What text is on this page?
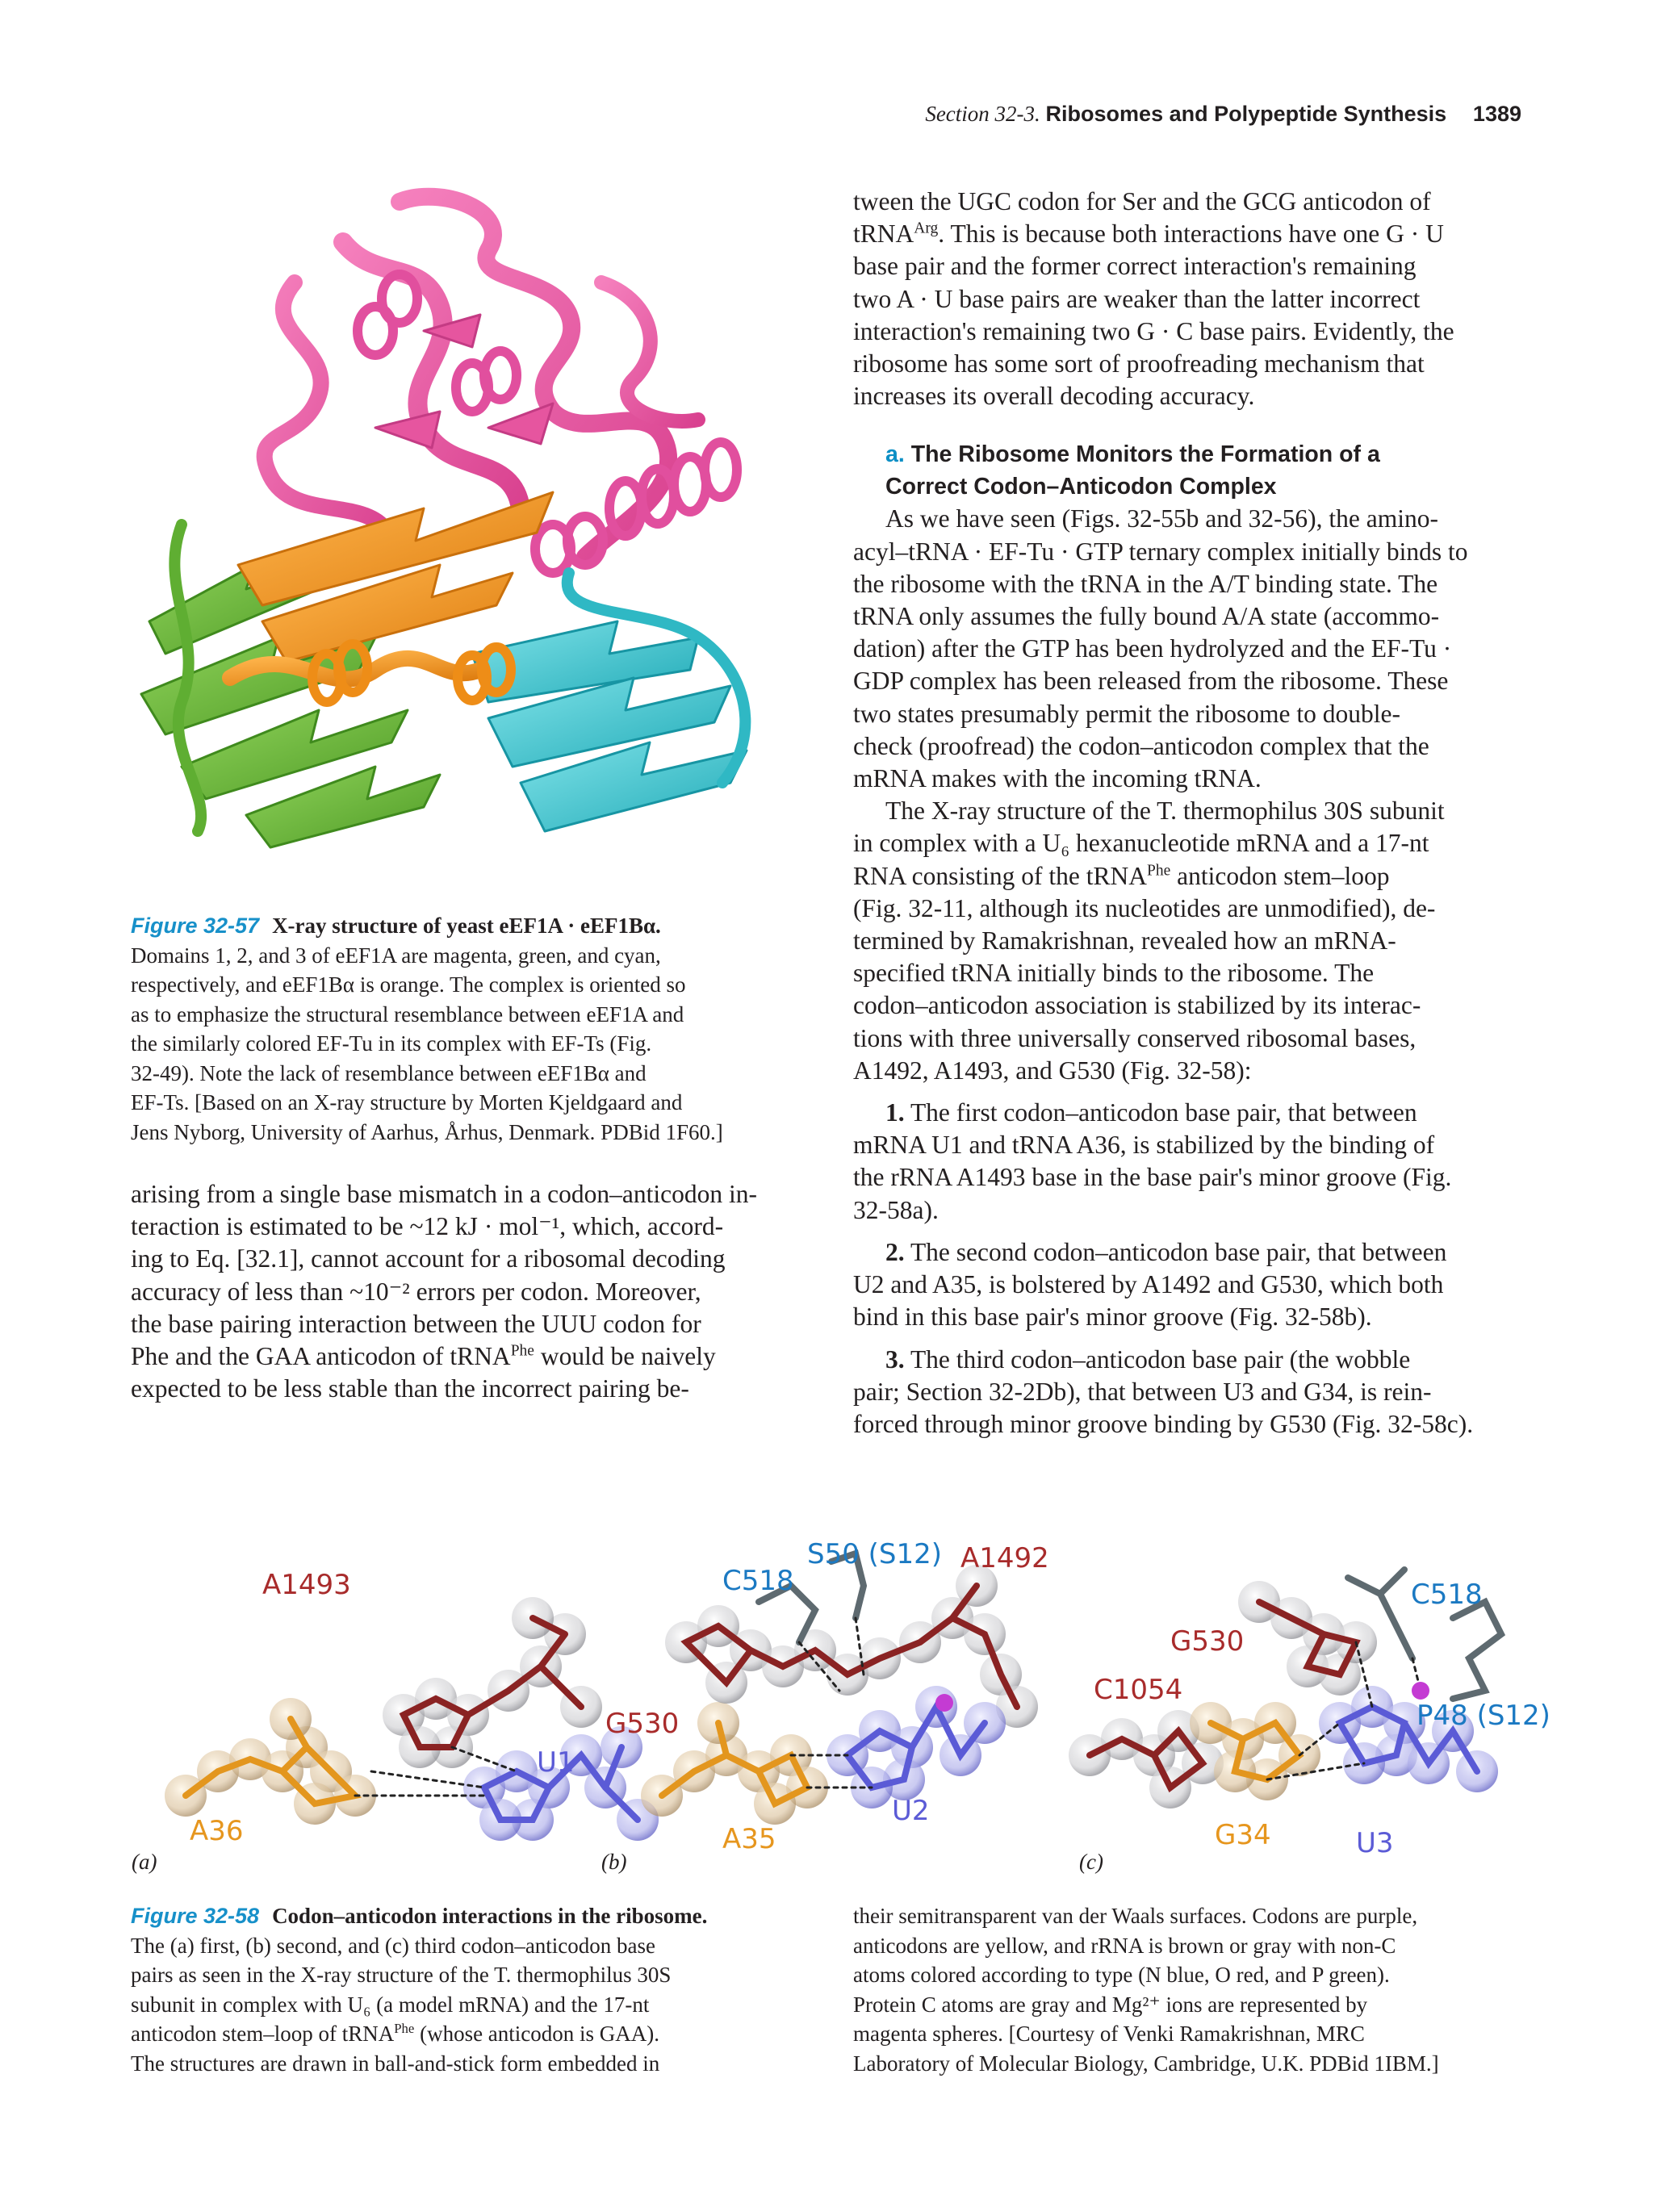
Section 32-3. Ribosomes and Polypeptide Synthesis 1389

Figure 32-57 X-ray structure of yeast eEF1A · eEF1Bα.

Domains 1, 2, and 3 of eEF1A are magenta, green, and cyan,

respectively, and eEF1Bα is orange. The complex is oriented so

as to emphasize the structural resemblance between eEF1A and

the similarly colored EF-Tu in its complex with EF-Ts (Fig.

32-49). Note the lack of resemblance between eEF1Bα and

EF-Ts. [Based on an X-ray structure by Morten Kjeldgaard and

Jens Nyborg, University of Aarhus, Århus, Denmark. PDBid 1F60.]

arising from a single base mismatch in a codon–anticodon in-

teraction is estimated to be ~12 kJ · mol⁻¹, which, accord-

ing to Eq. [32.1], cannot account for a ribosomal decoding

accuracy of less than ~10⁻² errors per codon. Moreover,

the base pairing interaction between the UUU codon for

Phe and the GAA anticodon of tRNA$^{Phe}$ would be naively

expected to be less stable than the incorrect pairing be-

tween the UGC codon for Ser and the GCG anticodon of

tRNA$^{Arg}$. This is because both interactions have one G · U

base pair and the former correct interaction's remaining

two A · U base pairs are weaker than the latter incorrect

interaction's remaining two G · C base pairs. Evidently, the

ribosome has some sort of proofreading mechanism that

increases its overall decoding accuracy.

a. The Ribosome Monitors the Formation of a

Correct Codon–Anticodon Complex

As we have seen (Figs. 32-55b and 32-56), the amino-

acyl–tRNA · EF-Tu · GTP ternary complex initially binds to

the ribosome with the tRNA in the A/T binding state. The

tRNA only assumes the fully bound A/A state (accommo-

dation) after the GTP has been hydrolyzed and the EF-Tu ·

GDP complex has been released from the ribosome. These

two states presumably permit the ribosome to double-

check (proofread) the codon–anticodon complex that the

mRNA makes with the incoming tRNA.

The X-ray structure of the T. thermophilus 30S subunit

in complex with a U₆ hexanucleotide mRNA and a 17-nt

RNA consisting of the tRNA$^{Phe}$ anticodon stem–loop

(Fig. 32-11, although its nucleotides are unmodified), de-

termined by Ramakrishnan, revealed how an mRNA-

specified tRNA initially binds to the ribosome. The

codon–anticodon association is stabilized by its interac-

tions with three universally conserved ribosomal bases,

A1492, A1493, and G530 (Fig. 32-58):

1. The first codon–anticodon base pair, that between

mRNA U1 and tRNA A36, is stabilized by the binding of

the rRNA A1493 base in the base pair's minor groove (Fig.

32-58a).

2. The second codon–anticodon base pair, that between

U2 and A35, is bolstered by A1492 and G530, which both

bind in this base pair's minor groove (Fig. 32-58b).

3. The third codon–anticodon base pair (the wobble

pair; Section 32-2Db), that between U3 and G34, is rein-

forced through minor groove binding by G530 (Fig. 32-58c).

A1493
U1
A36
S50 (S12) A1492
C518
G530
A35
U2
C518
G530
C1054
P48 (S12)
G34	U3
(a)	(b)	(c)

Figure 32-58 Codon–anticodon interactions in the ribosome.

The (a) first, (b) second, and (c) third codon–anticodon base

pairs as seen in the X-ray structure of the T. thermophilus 30S

subunit in complex with U₆ (a model mRNA) and the 17-nt

anticodon stem–loop of tRNA$^{Phe}$ (whose anticodon is GAA).

The structures are drawn in ball-and-stick form embedded in

their semitransparent van der Waals surfaces. Codons are purple,

anticodons are yellow, and rRNA is brown or gray with non-C

atoms colored according to type (N blue, O red, and P green).

Protein C atoms are gray and Mg²⁺ ions are represented by

magenta spheres. [Courtesy of Venki Ramakrishnan, MRC

Laboratory of Molecular Biology, Cambridge, U.K. PDBid 1IBM.]
